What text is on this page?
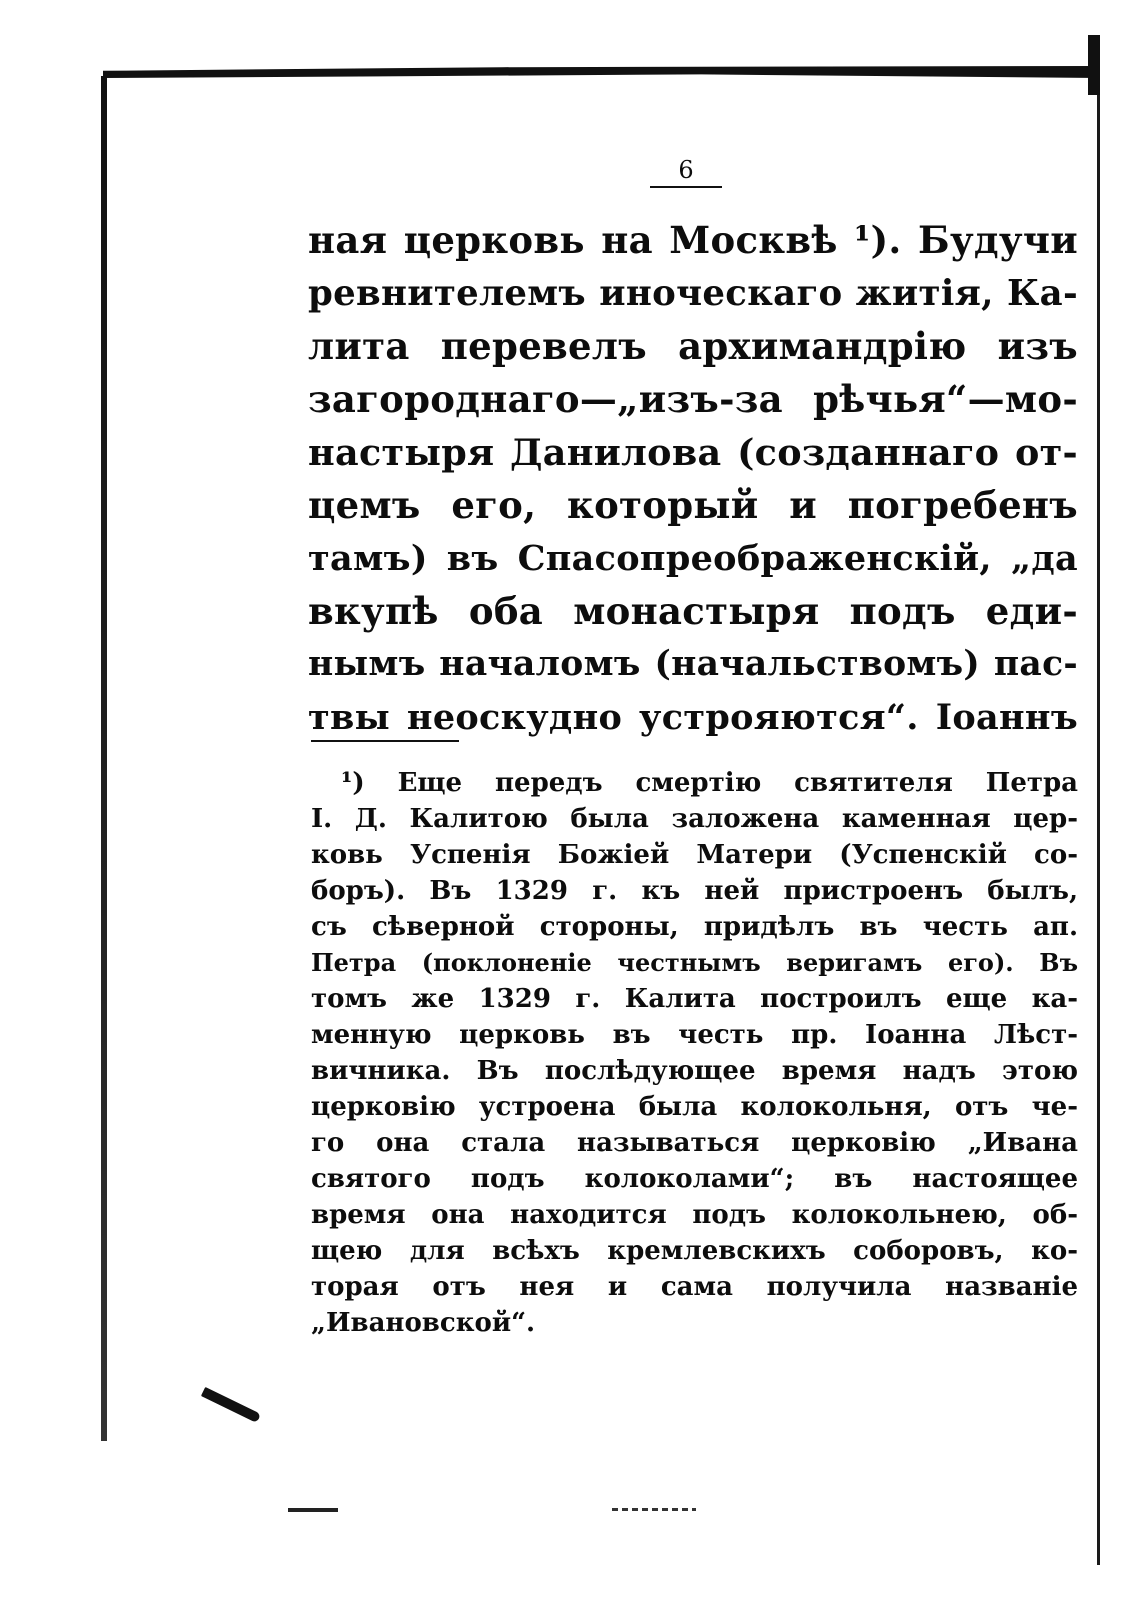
6
ная церковь на Москвѣ ¹). Будучи
ревнителемъ иноческаго житія, Ка-
лита перевелъ архимандрію изъ
загороднаго—„изъ-за рѣчья“—мо-
настыря Данилова (созданнаго от-
цемъ его, который и погребенъ
тамъ) въ Спасопреображенскій, „да
вкупѣ оба монастыря подъ еди-
нымъ началомъ (начальствомъ) пас-
твы неоскудно устрояются“. Іоаннъ
¹) Еще передъ смертію святителя Петра
І. Д. Калитою была заложена каменная цер-
ковь Успенія Божіей Матери (Успенскій со-
боръ). Въ 1329 г. къ ней пристроенъ былъ,
съ сѣверной стороны, придѣлъ въ честь ап.
Петра (поклоненіе честнымъ веригамъ его). Въ
томъ же 1329 г. Калита построилъ еще ка-
менную церковь въ честь пр. Іоанна Лѣст-
вичника. Въ послѣдующее время надъ этою
церковію устроена была колокольня, отъ че-
го она стала называться церковію „Ивана
святого подъ колоколами“; въ настоящее
время она находится подъ колокольнею, об-
щею для всѣхъ кремлевскихъ соборовъ, ко-
торая отъ нея и сама получила названіе
„Ивановской“.
